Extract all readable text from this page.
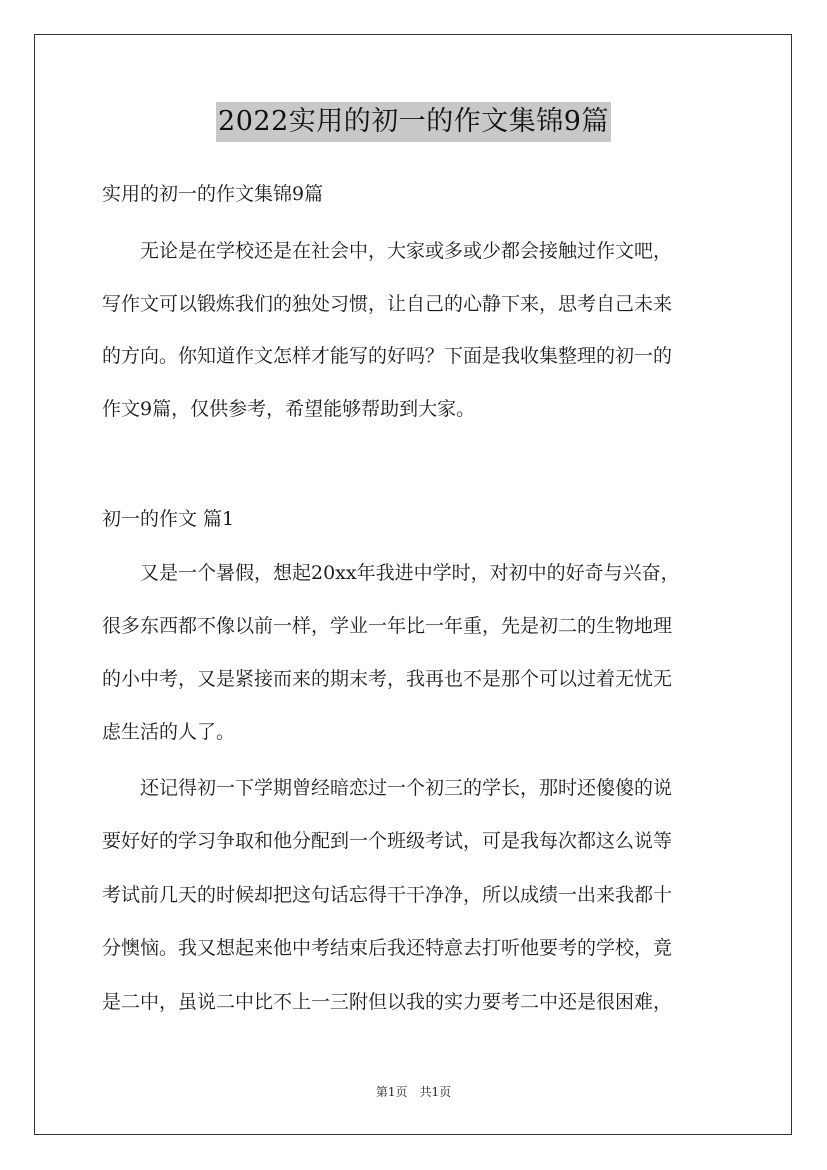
2022实用的初一的作文集锦9篇
实用的初一的作文集锦9篇
　　无论是在学校还是在社会中，大家或多或少都会接触过作文吧，
写作文可以锻炼我们的独处习惯，让自己的心静下来，思考自己未来
的方向。你知道作文怎样才能写的好吗？下面是我收集整理的初一的
作文9篇，仅供参考，希望能够帮助到大家。
初一的作文 篇1
　　又是一个暑假，想起20xx年我进中学时，对初中的好奇与兴奋，
很多东西都不像以前一样，学业一年比一年重，先是初二的生物地理
的小中考，又是紧接而来的期末考，我再也不是那个可以过着无忧无
虑生活的人了。
　　还记得初一下学期曾经暗恋过一个初三的学长，那时还傻傻的说
要好好的学习争取和他分配到一个班级考试，可是我每次都这么说等
考试前几天的时候却把这句话忘得干干净净，所以成绩一出来我都十
分懊恼。我又想起来他中考结束后我还特意去打听他要考的学校，竟
是二中，虽说二中比不上一三附但以我的实力要考二中还是很困难，
第1页　共1页
